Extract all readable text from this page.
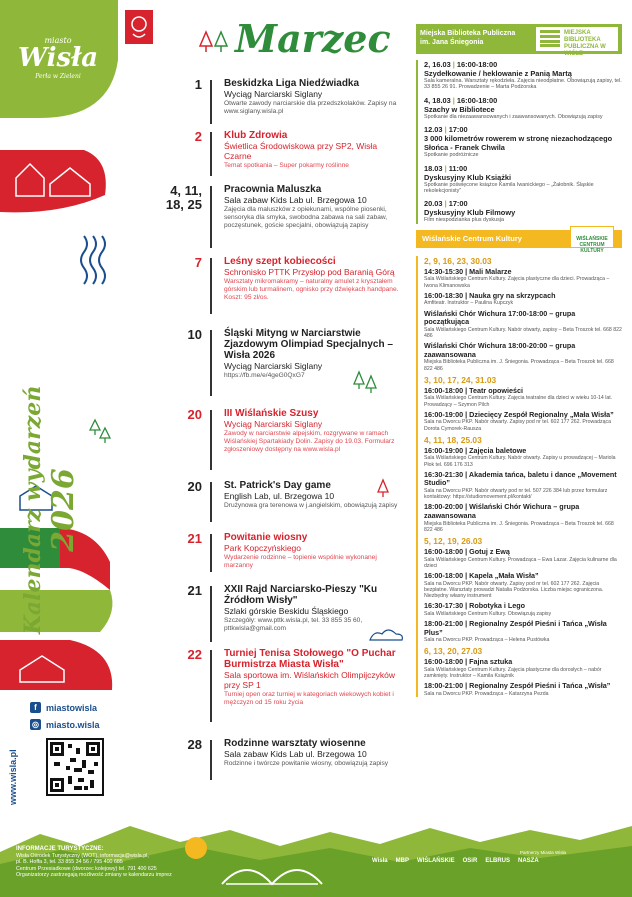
miasto
Wisła
Perła w Zieleni
Kalendarz wydarzeń 2026
f	miastowisla
◎ miasto.wisla
www.wisla.pl
Marzec
1 Beskidzka Liga Niedźwiadka
Wyciąg Narciarski Siglany
Otwarte zawody narciarskie dla przedszkolaków. Zapisy na www.siglany.wisla.pl
2 Klub Zdrowia
Świetlica Środowiskowa przy SP2, Wisła Czarne
Temat spotkania – Super pokarmy roślinne
4, 11, 18, 25
Pracownia Maluszka
Sala zabaw Kids Lab ul. Brzegowa 10
Zajęcia dla maluszków z opiekunami, wspólne piosenki, sensoryka dla smyka, swobodna zabawa na sali zabaw, poczęstunek, goście specjalni, obowiązują zapisy
7 Leśny szept kobiecości
Schronisko PTTK Przysłop pod Baranią Górą
Warsztaty mikromakramy – naturalny amulet z kryształem górskim lub turmalinem, ognisko przy dźwiękach handpane. Koszt: 95 zł/os.
10 Śląski Mityng w Narciarstwie Zjazdowym Olimpiad Specjalnych – Wisła 2026
Wyciąg Narciarski Siglany
https://fb.me/e/4geG0QxG7
20 III Wiślańskie Szusy
Wyciąg Narciarski Siglany
Zawody w narciarstwie alpejskim, rozgrywane w ramach Wiślańskiej Spartakiady Dolin. Zapisy do 19.03. Formularz zgłoszeniowy dostępny na www.wisla.pl
20 St. Patrick's Day game
English Lab, ul. Brzegowa 10
Drużynowa gra terenowa w j.angielskim, obowiązują zapisy
21 Powitanie wiosny
Park Kopczyńskiego
Wydarzenie rodzinne – topienie wspólnie wykonanej marzanny
21 XXII Rajd Narciarsko-Pieszy "Ku Źródłom Wisły"
Szlaki górskie Beskidu Śląskiego
Szczegóły: www.pttk.wisla.pl, tel. 33 855 35 60, pttkwisla@gmail.com
22 Turniej Tenisa Stołowego "O Puchar Burmistrza Miasta Wisła"
Sala sportowa im. Wiślańskich Olimpijczyków przy SP 1
Turniej open oraz turniej w kategoriach wiekowych kobiet i mężczyzn od 15 roku życia
28 Rodzinne warsztaty wiosenne
Sala zabaw Kids Lab ul. Brzegowa 10
Rodzinne i twórcze powitanie wiosny, obowiązują zapisy
Miejska Biblioteka Publiczna im. Jana Śniegonia
MIEJSKA BIBLIOTEKA PUBLICZNA W WIŚLE
2, 16.03 | 16:00-18:00
Szydełkowanie / heklowanie z Panią Martą
Sala kameralna. Warsztaty rękodzieła. Zajęcia nieodpłatne. Obowiązują zapisy, tel. 33 855 26 91. Prowadzenie – Marta Podżorska
4, 18.03 | 16:00-18:00
Szachy w Bibliotece
Spotkanie dla niezaawansowanych i zaawansowanych. Obowiązują zapisy
12.03 | 17:00
3 000 kilometrów rowerem w stronę niezachodzącego Słońca - Franek Chwila
Spotkanie podróżnicze
18.03 | 11:00
Dyskusyjny Klub Książki
Spotkanie poświęcone książce Kamila Iwanickiego – „Żałobnik. Śląskie rekolekcjonisty”
20.03 | 17:00
Dyskusyjny Klub Filmowy
Film niespodzianka plus dyskusja
Wiślańskie Centrum Kultury	WIŚLAŃSKIE CENTRUM KULTURY
2, 9, 16, 23, 30.03
14:30-15:30 | Mali Malarze
Sala Wiślańskiego Centrum Kultury. Zajęcia plastyczne dla dzieci. Prowadząca – Iwona Klimanowska
16:00-18:30 | Nauka gry na skrzypcach
Amfiteatr. Instruktor – Paulina Kupczyk
Wiślański Chór Wichura 17:00-18:00 – grupa początkująca
Sala Wiślańskiego Centrum Kultury. Nabór otwarty, zapisy – Beta Troszok tel. 668 822 486
Wiślański Chór Wichura 18:00-20:00 – grupa zaawansowana
Miejska Biblioteka Publiczna im. J. Śniegonia. Prowadząca – Beta Troszok tel. 668 822 486
3, 10, 17, 24, 31.03
16:00-18:00 | Teatr opowieści
Sala Wiślańskiego Centrum Kultury. Zajęcia teatralne dla dzieci w wieku 10-14 lat. Prowadzący – Szymon Pilch
16:00-19:00 | Dziecięcy Zespół Regionalny „Mała Wisła”
Sala na Dworcu PKP. Nabór otwarty. Zapisy pod nr tel. 602 177 262. Prowadząca Dorota Cymorek-Rausza
4, 11, 18, 25.03
16:00-19:00 | Zajęcia baletowe
Sala Wiślańskiego Centrum Kultury. Nabór otwarty. Zapisy u prowadzącej – Mariola Płok tel. 696 176 313
16:30-21:30 | Akademia tańca, baletu i dance „Movement Studio”
Sala na Dworcu PKP. Nabór otwarty pod nr tel. 507 226 384 lub przez formularz kontaktowy: https://studiomovement.pl/kontakt/
18:00-20:00 | Wiślański Chór Wichura – grupa zaawansowana
Miejska Biblioteka Publiczna im. J. Śniegonia. Prowadząca – Beta Troszok tel. 668 822 486
5, 12, 19, 26.03
16:00-18:00 | Gotuj z Ewą
Sala Wiślańskiego Centrum Kultury. Prowadząca – Ewa Lazar. Zajęcia kulinarne dla dzieci
16:00-18:00 | Kapela „Mała Wisła”
Sala na Dworcu PKP. Nabór otwarty. Zapisy pod nr tel. 602 177 262. Zajęcia bezpłatne. Warsztaty prowadzi Natalia Podżorska. Liczba miejsc ograniczona. Niezbędny własny instrument
16:30-17:30 | Robotyka i Lego
Sala Wiślańskiego Centrum Kultury. Obowiązują zapisy
18:00-21:00 | Regionalny Zespół Pieśni i Tańca „Wisła Plus”
Sala na Dworcu PKP. Prowadząca – Helena Pustówka
6, 13, 20, 27.03
16:00-18:00 | Fajna sztuka
Sala Wiślańskiego Centrum Kultury. Zajęcia plastyczne dla dorosłych – nabór zamknięty. Instruktor – Kamila Książnik
18:00-21:00 | Regionalny Zespół Pieśni i Tańca „Wisła”
Sala na Dworcu PKP. Prowadząca – Katarzyna Pezda
INFORMACJE TURYSTYCZNE:
Wisła Ośrodek Turystyczny (WOT), informacja@wisla.pl,
pl. B. Hoffa 3, tel. 33 855 34 56 / 795 400 685
Centrum Przesiadkowe (dworzec kolejowy) tel. 791 400 625
Organizatorzy zastrzegają możliwość zmiany w kalendarzu imprez
Partnerzy Miasta Wisła
Wisła MBP WIŚLAŃSKIE OSiR ELBRUS NASZA
